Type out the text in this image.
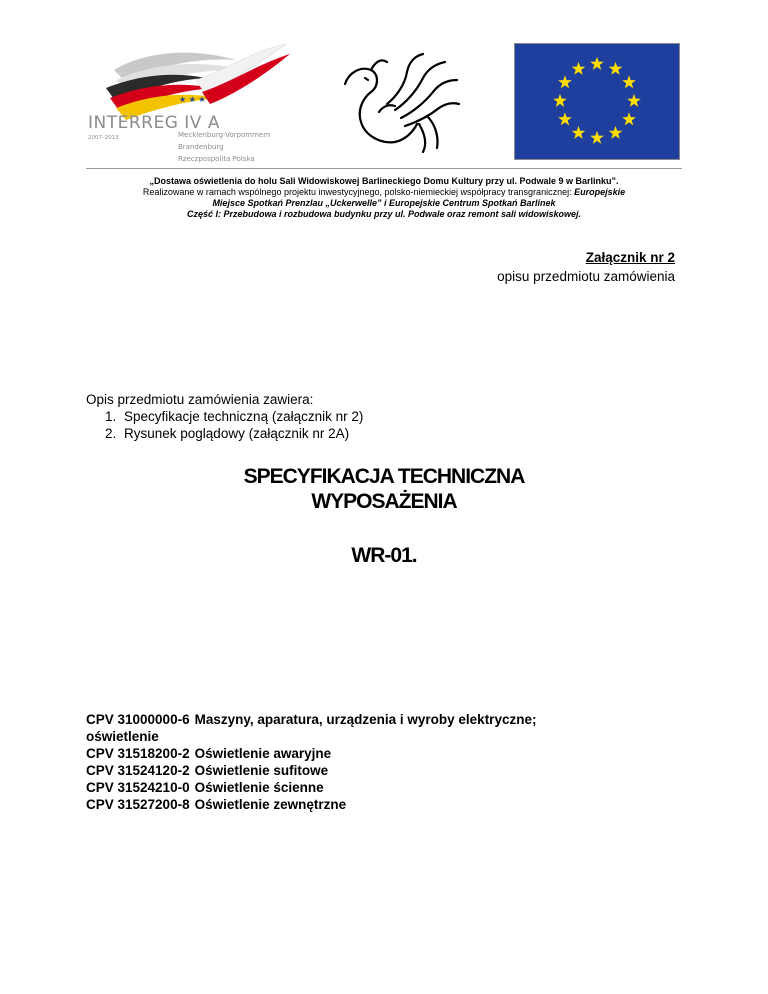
★ ★ ★
INTERREG IV A
2007–2013	Mecklenburg-Vorpommern
Brandenburg
Rzeczpospolita Polska
„Dostawa oświetlenia do holu Sali Widowiskowej Barlineckiego Domu Kultury przy ul. Podwale 9 w Barlinku”.
Realizowane w ramach wspólnego projektu inwestycyjnego, polsko-niemieckiej współpracy transgranicznej: Europejskie
Miejsce Spotkań Prenzlau „Uckerwelle” i Europejskie Centrum Spotkań Barlinek
Część I: Przebudowa i rozbudowa budynku przy ul. Podwale oraz remont sali widowiskowej.
Załącznik nr 2
opisu przedmiotu zamówienia
Opis przedmiotu zamówienia zawiera:
1. Specyfikacje techniczną (załącznik nr 2)
2. Rysunek poglądowy (załącznik nr 2A)
SPECYFIKACJA TECHNICZNA
WYPOSAŻENIA
WR-01.
CPV 31000000-6	Maszyny, aparatura, urządzenia i wyroby elektryczne;
oświetlenie	
CPV 31518200-2	Oświetlenie awaryjne
CPV 31524120-2	Oświetlenie sufitowe
CPV 31524210-0	Oświetlenie ścienne
CPV 31527200-8	Oświetlenie zewnętrzne
